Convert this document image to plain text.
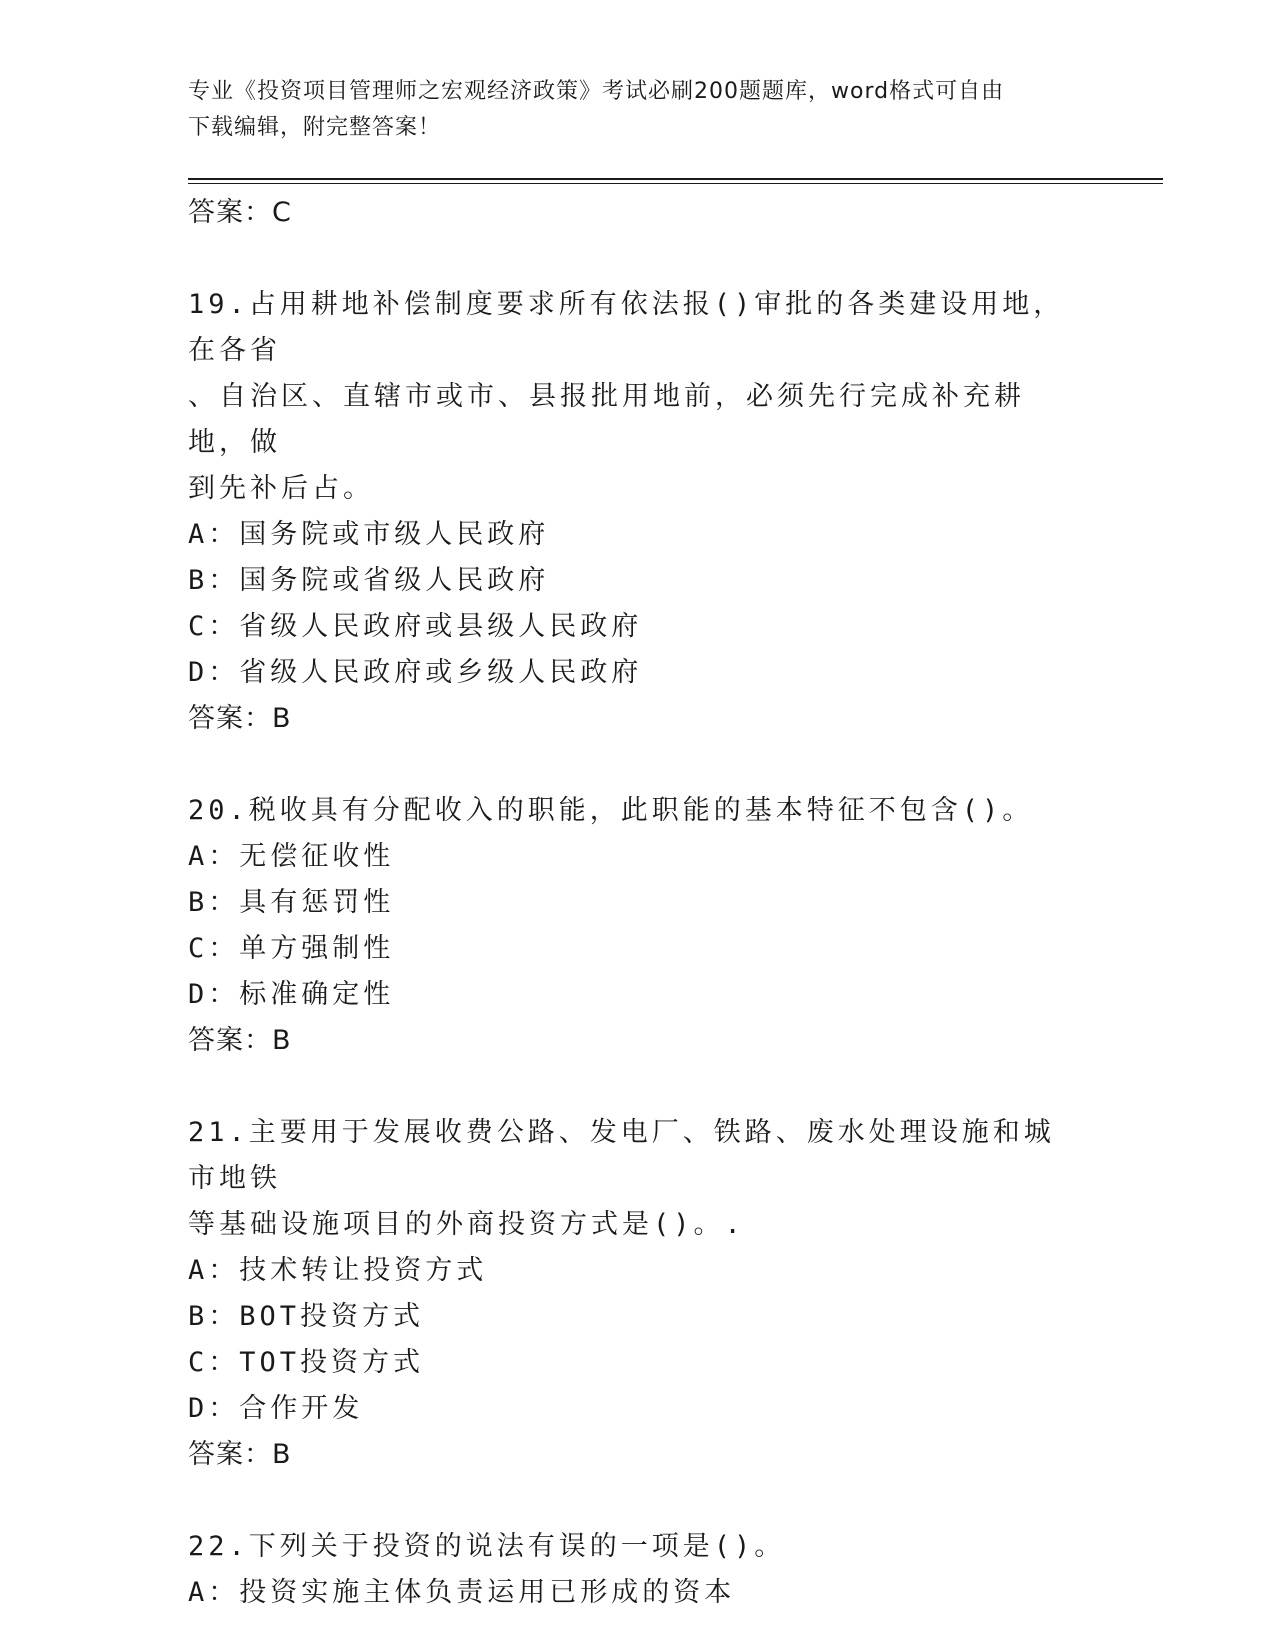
专业《投资项目管理师之宏观经济政策》考试必刷200题题库，word格式可自由
下载编辑，附完整答案！
答案：C
19.占用耕地补偿制度要求所有依法报()审批的各类建设用地，在各省
、自治区、直辖市或市、县报批用地前，必须先行完成补充耕地，做
到先补后占。
A：国务院或市级人民政府
B：国务院或省级人民政府
C：省级人民政府或县级人民政府
D：省级人民政府或乡级人民政府
答案：B
20.税收具有分配收入的职能，此职能的基本特征不包含()。
A：无偿征收性
B：具有惩罚性
C：单方强制性
D：标准确定性
答案：B
21.主要用于发展收费公路、发电厂、铁路、废水处理设施和城市地铁
等基础设施项目的外商投资方式是()。.
A：技术转让投资方式
B：BOT投资方式
C：TOT投资方式
D：合作开发
答案：B
22.下列关于投资的说法有误的一项是()。
A：投资实施主体负责运用已形成的资本
